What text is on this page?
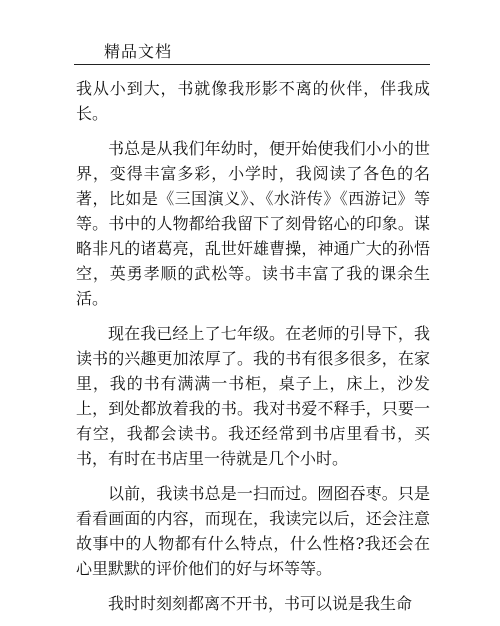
精品文档

我从小到大，书就像我形影不离的伙伴，伴我成长。

书总是从我们年幼时，便开始使我们小小的世界，变得丰富多彩，小学时，我阅读了各色的名著，比如是《三国演义》、《水浒传》《西游记》等等。书中的人物都给我留下了刻骨铭心的印象。谋略非凡的诸葛亮，乱世奸雄曹操，神通广大的孙悟空，英勇孝顺的武松等。读书丰富了我的课余生活。

现在我已经上了七年级。在老师的引导下，我读书的兴趣更加浓厚了。我的书有很多很多，在家里，我的书有满满一书柜，桌子上，床上，沙发上，到处都放着我的书。我对书爱不释手，只要一有空，我都会读书。我还经常到书店里看书，买书，有时在书店里一待就是几个小时。

以前，我读书总是一扫而过。囫囵吞枣。只是看看画面的内容，而现在，我读完以后，还会注意故事中的人物都有什么特点，什么性格?我还会在心里默默的评价他们的好与坏等等。

我时时刻刻都离不开书，书可以说是我生命
